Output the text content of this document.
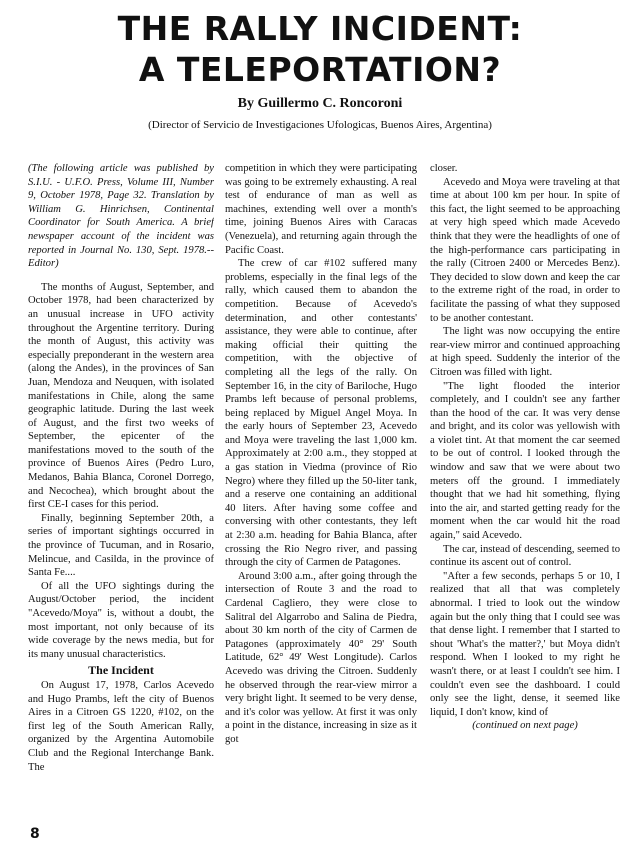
THE RALLY INCIDENT:
A TELEPORTATION?
By Guillermo C. Roncoroni
(Director of Servicio de Investigaciones Ufologicas, Buenos Aires, Argentina)

(The following article was published by S.I.U. - U.F.O. Press, Volume III, Number 9, October 1978, Page 32. Translation by William G. Hinrichsen, Continental Coordinator for South America. A brief newspaper account of the incident was reported in Journal No. 130, Sept. 1978.--Editor)

The months of August, September, and October 1978, had been characterized by an unusual increase in UFO activity throughout the Argentine territory. During the month of August, this activity was especially preponderant in the western area (along the Andes), in the provinces of San Juan, Mendoza and Neuquen, with isolated manifestations in Chile, along the same geographic latitude. During the last week of August, and the first two weeks of September, the epicenter of the manifestations moved to the south of the province of Buenos Aires (Pedro Luro, Medanos, Bahia Blanca, Coronel Dorrego, and Necochea), which brought about the first CE-I cases for this period.

Finally, beginning September 20th, a series of important sightings occurred in the province of Tucuman, and in Rosario, Melincue, and Casilda, in the province of Santa Fe....

Of all the UFO sightings during the August/October period, the incident "Acevedo/Moya" is, without a doubt, the most important, not only because of its wide coverage by the news media, but for its many unusual characteristics.

The Incident

On August 17, 1978, Carlos Acevedo and Hugo Prambs, left the city of Buenos Aires in a Citroen GS 1220, #102, on the first leg of the South American Rally, organized by the Argentina Automobile Club and the Regional Interchange Bank. The

competition in which they were participating was going to be extremely exhausting. A real test of endurance of man as well as machines, extending well over a month's time, joining Buenos Aires with Caracas (Venezuela), and returning again through the Pacific Coast.

The crew of car #102 suffered many problems, especially in the final legs of the rally, which caused them to abandon the competition. Because of Acevedo's determination, and other contestants' assistance, they were able to continue, after making official their quitting the competition, with the objective of completing all the legs of the rally. On September 16, in the city of Bariloche, Hugo Prambs left because of personal problems, being replaced by Miguel Angel Moya. In the early hours of September 23, Acevedo and Moya were traveling the last 1,000 km. Approximately at 2:00 a.m., they stopped at a gas station in Viedma (province of Rio Negro) where they filled up the 50-liter tank, and a reserve one containing an additional 40 liters. After having some coffee and conversing with other contestants, they left at 2:30 a.m. heading for Bahia Blanca, after crossing the Rio Negro river, and passing through the city of Carmen de Patagones.

Around 3:00 a.m., after going through the intersection of Route 3 and the road to Cardenal Cagliero, they were close to Salitral del Algarrobo and Salina de Piedra, about 30 km north of the city of Carmen de Patagones (approximately 40° 29' South Latitude, 62° 49' West Longitude). Carlos Acevedo was driving the Citroen. Suddenly he observed through the rear-view mirror a very bright light. It seemed to be very dense, and it's color was yellow. At first it was only a point in the distance, increasing in size as it got

closer.

Acevedo and Moya were traveling at that time at about 100 km per hour. In spite of this fact, the light seemed to be approaching at very high speed which made Acevedo think that they were the headlights of one of the high-performance cars participating in the rally (Citroen 2400 or Mercedes Benz). They decided to slow down and keep the car to the extreme right of the road, in order to facilitate the passing of what they supposed to be another contestant.

The light was now occupying the entire rear-view mirror and continued approaching at high speed. Suddenly the interior of the Citroen was filled with light.

"The light flooded the interior completely, and I couldn't see any farther than the hood of the car. It was very dense and bright, and its color was yellowish with a violet tint. At that moment the car seemed to be out of control. I looked through the window and saw that we were about two meters off the ground. I immediately thought that we had hit something, flying into the air, and started getting ready for the moment when the car would hit the road again," said Acevedo.

The car, instead of descending, seemed to continue its ascent out of control.

"After a few seconds, perhaps 5 or 10, I realized that all that was completely abnormal. I tried to look out the window again but the only thing that I could see was that dense light. I remember that I started to shout 'What's the matter?,' but Moya didn't respond. When I looked to my right he wasn't there, or at least I couldn't see him. I couldn't even see the dashboard. I could only see the light, dense, it seemed like liquid, I don't know, kind of

(continued on next page)

8
